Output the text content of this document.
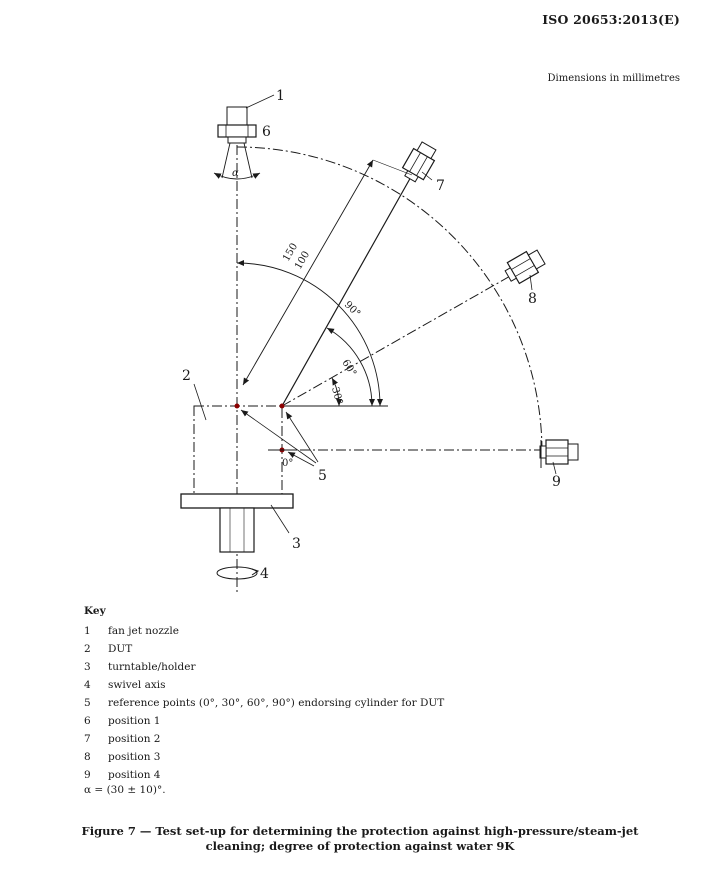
ISO 20653:2013(E)
Dimensions in millimetres
1
6
7
8
9
2
5
3
4
150
100
90°
60°
30°
0°
α
Key
1	fan jet nozzle
2	DUT
3	turntable/holder
4	swivel axis
5	reference points (0°, 30°, 60°, 90°) endorsing cylinder for DUT
6	position 1
7	position 2
8	position 3
9	position 4
α = (30 ± 10)°.
Figure 7 — Test set-up for determining the protection against high-pressure/steam-jet
cleaning; degree of protection against water 9K
